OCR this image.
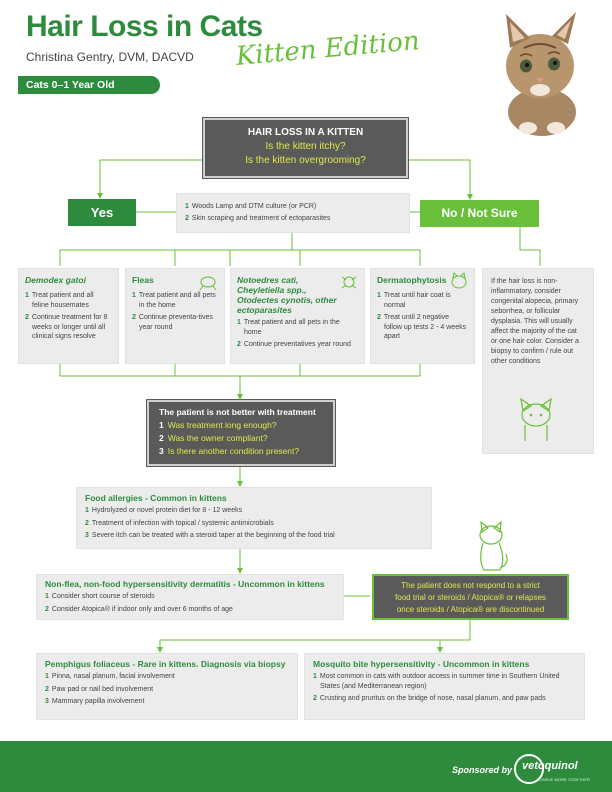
Hair Loss in Cats
Christina Gentry, DVM, DACVD Kitten Edition
Cats 0–1 Year Old
HAIR LOSS IN A KITTEN
Is the kitten itchy?
Is the kitten overgrooming?
Yes	No / Not Sure
1 Woods Lamp and DTM culture (or PCR)
2 Skin scraping and treatment of ectoparasites
Demodex gatoi
1 Treat patient and all feline housemates
2 Continue treatment for 8 weeks or longer until all clinical signs resolve
Fleas
1 Treat patient and all pets in the home
2 Continue preventa-tives year round
Notoedres cati, Cheyletiella spp., Otodectes cynotis, other ectoparasites
1 Treat patient and all pets in the home
2 Continue preventatives year round
Dermatophytosis
1 Treat until hair coat is normal
2 Treat until 2 negative follow up tests 2 - 4 weeks apart
If the hair loss is non-inflammatory, consider congenital alopecia, primary seborrhea, or follicular dysplasia. This will usually affect the majority of the cat or one hair color. Consider a biopsy to confirm / rule out other conditions
The patient is not better with treatment
1 Was treatment long enough?
2 Was the owner compliant?
3 Is there another condition present?
Food allergies - Common in kittens
1 Hydrolyzed or novel protein diet for 8 - 12 weeks
2 Treatment of infection with topical / systemic antimicrobials
3 Severe itch can be treated with a steroid taper at the beginning of the food trial
Non-flea, non-food hypersensitivity dermatitis - Uncommon in kittens
1 Consider short course of steroids
2 Consider Atopica® if indoor only and over 6 months of age
The patient does not respond to a strict
food trial or steroids / Atopica® or relapses
once steroids / Atopica® are discontinued
Pemphigus foliaceus - Rare in kittens. Diagnosis via biopsy
1 Pinna, nasal planum, facial involvement
2 Paw pad or nail bed involvement
3 Mammary papilla involvement
Mosquito bite hypersensitivity - Uncommon in kittens
1 Most common in cats with outdoor access in summer time in Southern United States (and Mediterranean region)
2 Crusting and pruritus on the bridge of nose, nasal planum, and paw pads
Sponsored by vetoquinol
ACHIEVE MORE TOGETHER
